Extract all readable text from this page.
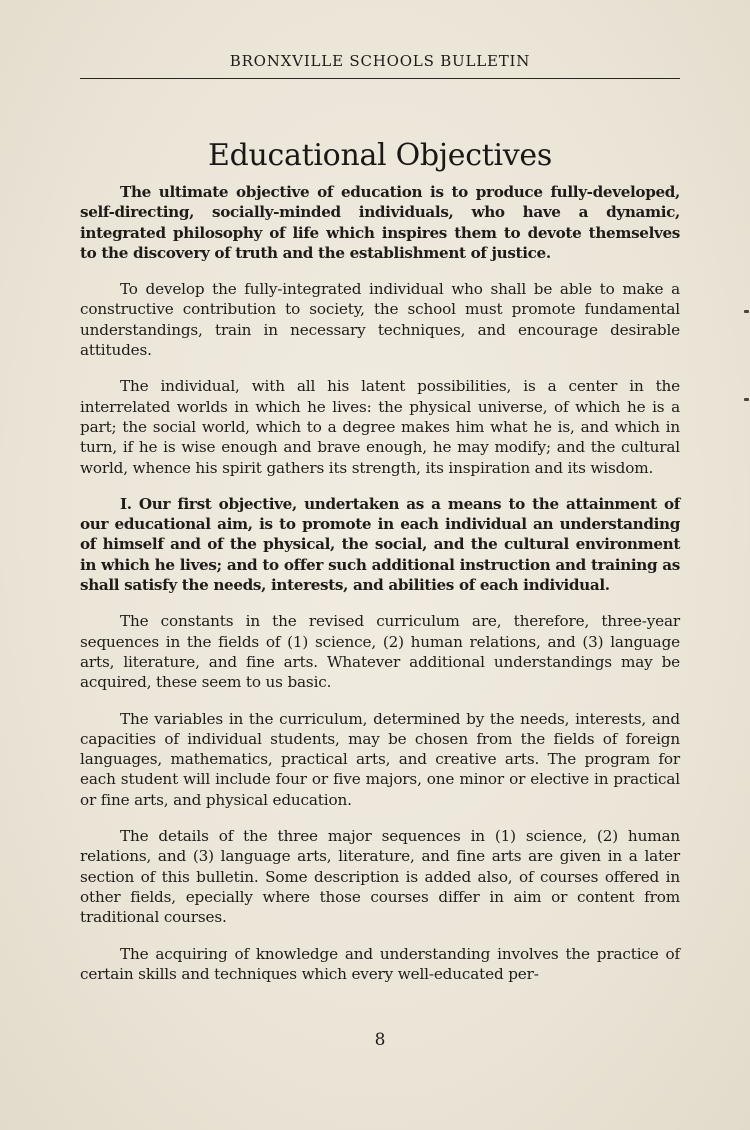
BRONXVILLE SCHOOLS BULLETIN
Educational Objectives

The ultimate objective of education is to produce fully-developed, self-directing, socially-minded individuals, who have a dynamic, integrated philosophy of life which inspires them to devote themselves to the discovery of truth and the establishment of justice.

To develop the fully-integrated individual who shall be able to make a constructive contribution to society, the school must promote fundamental understandings, train in necessary techniques, and encourage desirable attitudes.

The individual, with all his latent possibilities, is a center in the interrelated worlds in which he lives: the physical universe, of which he is a part; the social world, which to a degree makes him what he is, and which in turn, if he is wise enough and brave enough, he may modify; and the cultural world, whence his spirit gathers its strength, its inspiration and its wisdom.

I. Our first objective, undertaken as a means to the attainment of our educational aim, is to promote in each individual an understanding of himself and of the physical, the social, and the cultural environment in which he lives; and to offer such additional instruction and training as shall satisfy the needs, interests, and abilities of each individual.

The constants in the revised curriculum are, therefore, three-year sequences in the fields of (1) science, (2) human relations, and (3) language arts, literature, and fine arts. Whatever additional understandings may be acquired, these seem to us basic.

The variables in the curriculum, determined by the needs, interests, and capacities of individual students, may be chosen from the fields of foreign languages, mathematics, practical arts, and creative arts. The program for each student will include four or five majors, one minor or elective in practical or fine arts, and physical education.

The details of the three major sequences in (1) science, (2) human relations, and (3) language arts, literature, and fine arts are given in a later section of this bulletin. Some description is added also, of courses offered in other fields, epecially where those courses differ in aim or content from traditional courses.

The acquiring of knowledge and understanding involves the practice of certain skills and techniques which every well-educated per-

8
